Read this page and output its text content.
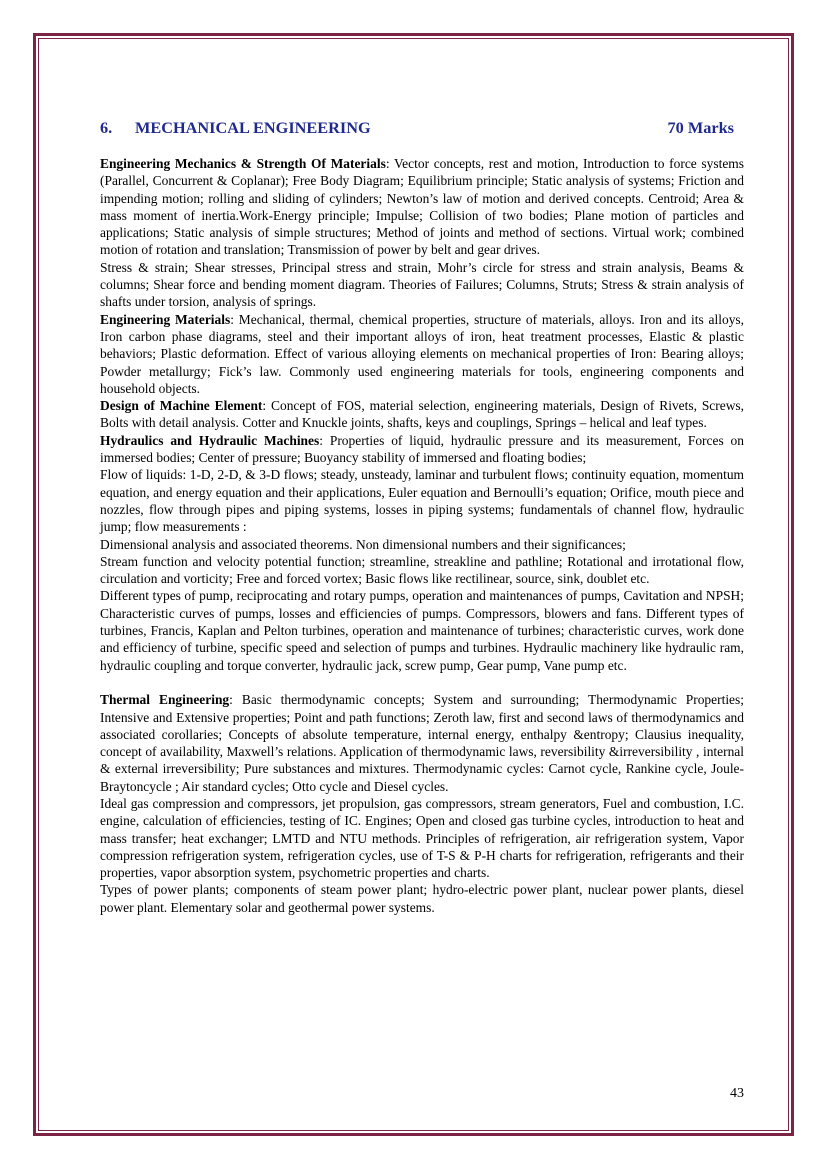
6. MECHANICAL ENGINEERING	70 Marks

Engineering Mechanics & Strength Of Materials: Vector concepts, rest and motion, Introduction to force systems (Parallel, Concurrent & Coplanar); Free Body Diagram; Equilibrium principle; Static analysis of systems; Friction and impending motion; rolling and sliding of cylinders; Newton’s law of motion and derived concepts. Centroid; Area & mass moment of inertia.Work-Energy principle; Impulse; Collision of two bodies; Plane motion of particles and applications; Static analysis of simple structures; Method of joints and method of sections. Virtual work; combined motion of rotation and translation; Transmission of power by belt and gear drives.

Stress & strain; Shear stresses, Principal stress and strain, Mohr’s circle for stress and strain analysis, Beams & columns; Shear force and bending moment diagram. Theories of Failures; Columns, Struts; Stress & strain analysis of shafts under torsion, analysis of springs.

Engineering Materials: Mechanical, thermal, chemical properties, structure of materials, alloys. Iron and its alloys, Iron carbon phase diagrams, steel and their important alloys of iron, heat treatment processes, Elastic & plastic behaviors; Plastic deformation. Effect of various alloying elements on mechanical properties of Iron: Bearing alloys; Powder metallurgy; Fick’s law. Commonly used engineering materials for tools, engineering components and household objects.

Design of Machine Element: Concept of FOS, material selection, engineering materials, Design of Rivets, Screws, Bolts with detail analysis. Cotter and Knuckle joints, shafts, keys and couplings, Springs – helical and leaf types.

Hydraulics and Hydraulic Machines: Properties of liquid, hydraulic pressure and its measurement, Forces on immersed bodies; Center of pressure; Buoyancy stability of immersed and floating bodies;

Flow of liquids: 1-D, 2-D, & 3-D flows; steady, unsteady, laminar and turbulent flows; continuity equation, momentum equation, and energy equation and their applications, Euler equation and Bernoulli’s equation; Orifice, mouth piece and nozzles, flow through pipes and piping systems, losses in piping systems; fundamentals of channel flow, hydraulic jump; flow measurements :

Dimensional analysis and associated theorems. Non dimensional numbers and their significances;

Stream function and velocity potential function; streamline, streakline and pathline; Rotational and irrotational flow, circulation and vorticity; Free and forced vortex; Basic flows like rectilinear, source, sink, doublet etc.

Different types of pump, reciprocating and rotary pumps, operation and maintenances of pumps, Cavitation and NPSH; Characteristic curves of pumps, losses and efficiencies of pumps. Compressors, blowers and fans. Different types of turbines, Francis, Kaplan and Pelton turbines, operation and maintenance of turbines; characteristic curves, work done and efficiency of turbine, specific speed and selection of pumps and turbines. Hydraulic machinery like hydraulic ram, hydraulic coupling and torque converter, hydraulic jack, screw pump, Gear pump, Vane pump etc.

Thermal Engineering: Basic thermodynamic concepts; System and surrounding; Thermodynamic Properties; Intensive and Extensive properties; Point and path functions; Zeroth law, first and second laws of thermodynamics and associated corollaries; Concepts of absolute temperature, internal energy, enthalpy &entropy; Clausius inequality, concept of availability, Maxwell’s relations. Application of thermodynamic laws, reversibility &irreversibility , internal & external irreversibility; Pure substances and mixtures. Thermodynamic cycles: Carnot cycle, Rankine cycle, Joule-Braytoncycle ; Air standard cycles; Otto cycle and Diesel cycles.

Ideal gas compression and compressors, jet propulsion, gas compressors, stream generators, Fuel and combustion, I.C. engine, calculation of efficiencies, testing of IC. Engines; Open and closed gas turbine cycles, introduction to heat and mass transfer; heat exchanger; LMTD and NTU methods. Principles of refrigeration, air refrigeration system, Vapor compression refrigeration system, refrigeration cycles, use of T-S & P-H charts for refrigeration, refrigerants and their properties, vapor absorption system, psychometric properties and charts.

Types of power plants; components of steam power plant; hydro-electric power plant, nuclear power plants, diesel power plant. Elementary solar and geothermal power systems.

43
